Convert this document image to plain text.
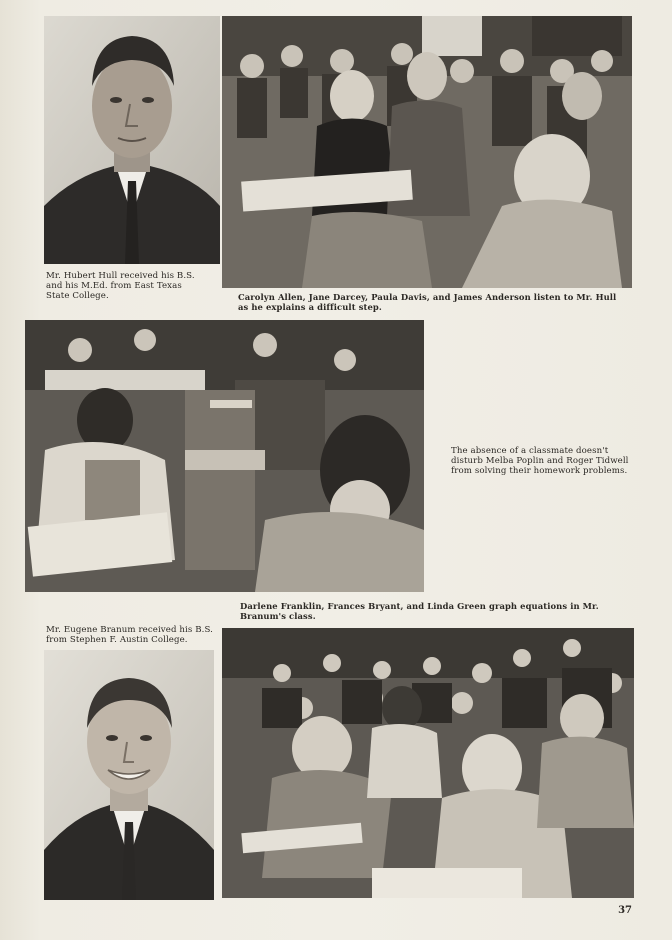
Mr. Hubert Hull received his B.S. and his M.Ed. from East Texas State College.	Carolyn Allen, Jane Darcey, Paula Davis, and James Anderson listen to Mr. Hull as he explains a difficult step.
The absence of a classmate doesn't disturb Melba Poplin and Roger Tidwell from solving their homework problems.
Darlene Franklin, Frances Bryant, and Linda Green graph equations in Mr. Branum's class.
Mr. Eugene Branum received his B.S. from Stephen F. Austin College.
37
